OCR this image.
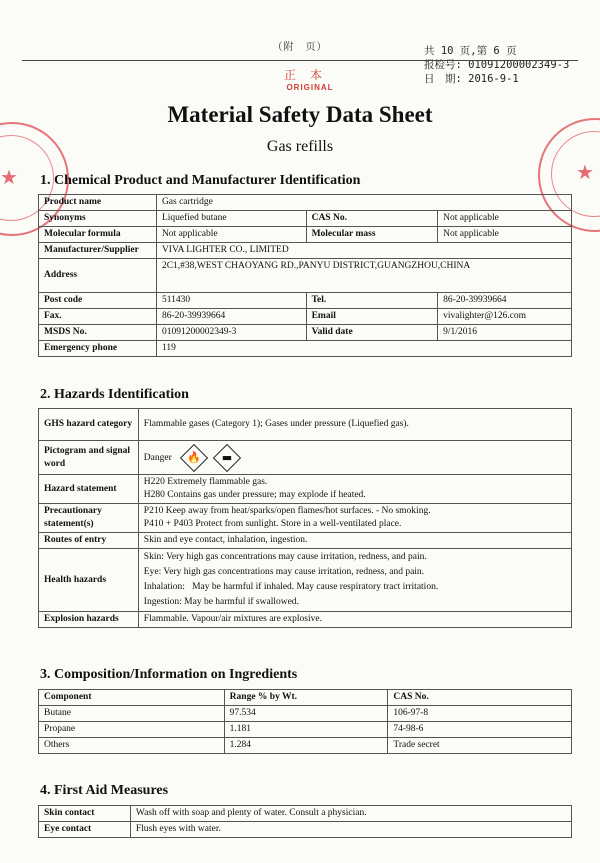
（附　页）	共 10 页,第 6 页
报检号: 01091200002349-3
日　期: 2016-9-1
正本
ORIGINAL
★	★
Material Safety Data Sheet
Gas refills
1. Chemical Product and Manufacturer Identification
Product name	Gas cartridge		
Synonyms	Liquefied butane	CAS No.	Not applicable
Molecular formula	Not applicable	Molecular mass	Not applicable
Manufacturer/Supplier	VIVA LIGHTER CO., LIMITED		
Address	2C1,#38,WEST CHAOYANG RD.,PANYU DISTRICT,GUANGZHOU,CHINA		
Post code	511430	Tel.	86-20-39939664
Fax.	86-20-39939664	Email	vivalighter@126.com
MSDS No.	01091200002349-3	Valid date	9/1/2016
Emergency phone	119		
2. Hazards Identification
GHS hazard category	Flammable gases (Category 1); Gases under pressure (Liquefied gas).
Pictogram and signal word	Danger 🔥
▬

Hazard statement	H220 Extremely flammable gas.
H280 Contains gas under pressure; may explode if heated.

Precautionary statement(s)	P210 Keep away from heat/sparks/open flames/hot surfaces. - No smoking.
P410 + P403 Protect from sunlight. Store in a well-ventilated place.

Routes of entry	Skin and eye contact, inhalation, ingestion.
Health hazards	Skin: Very high gas concentrations may cause irritation, redness, and pain.
Eye: Very high gas concentrations may cause irritation, redness, and pain.
Inhalation:   May be harmful if inhaled. May cause respiratory tract irritation.
Ingestion: May be harmful if swallowed.

Explosion hazards	Flammable. Vapour/air mixtures are explosive.
3. Composition/Information on Ingredients
Component	Range % by Wt.	CAS No.
Butane	97.534	106-97-8
Propane	1.181	74-98-6
Others	1.284	Trade secret
4. First Aid Measures
Skin contact	Wash off with soap and plenty of water. Consult a physician.
Eye contact	Flush eyes with water.
